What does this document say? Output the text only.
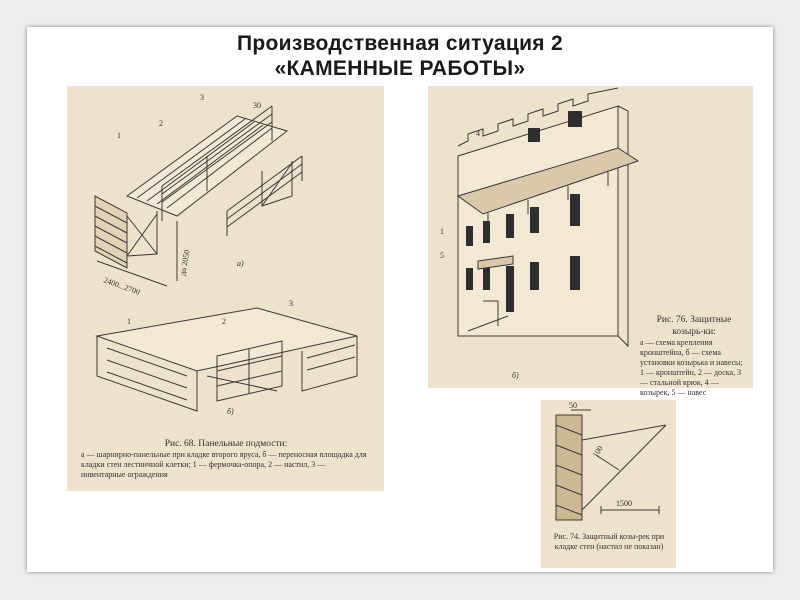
Производственная ситуация 2
«КАМЕННЫЕ РАБОТЫ»
1
2
3
30
2400...2700
до 2050	а)
1	2
3
б)
Рис. 68. Панельные подмости:
а — шарнирно-панельные при кладке второго яруса, б — переносная площадка для кладки стен лестничной клетки; 1 — фермочка-опора, 2 — настил, 3 — инвентарные ограждения
4
1
5
б)
Рис. 76. Защитные козырь-ки:
а — схема крепления кронштейна, б — схема установки козырька и навесы; 1 — кронштейн, 2 — доска, 3 — стальной крюк, 4 — козырек, 5 — навес
50
100
1500
Рис. 74. Защитный козы-рек при кладке стен (настил не показан)
